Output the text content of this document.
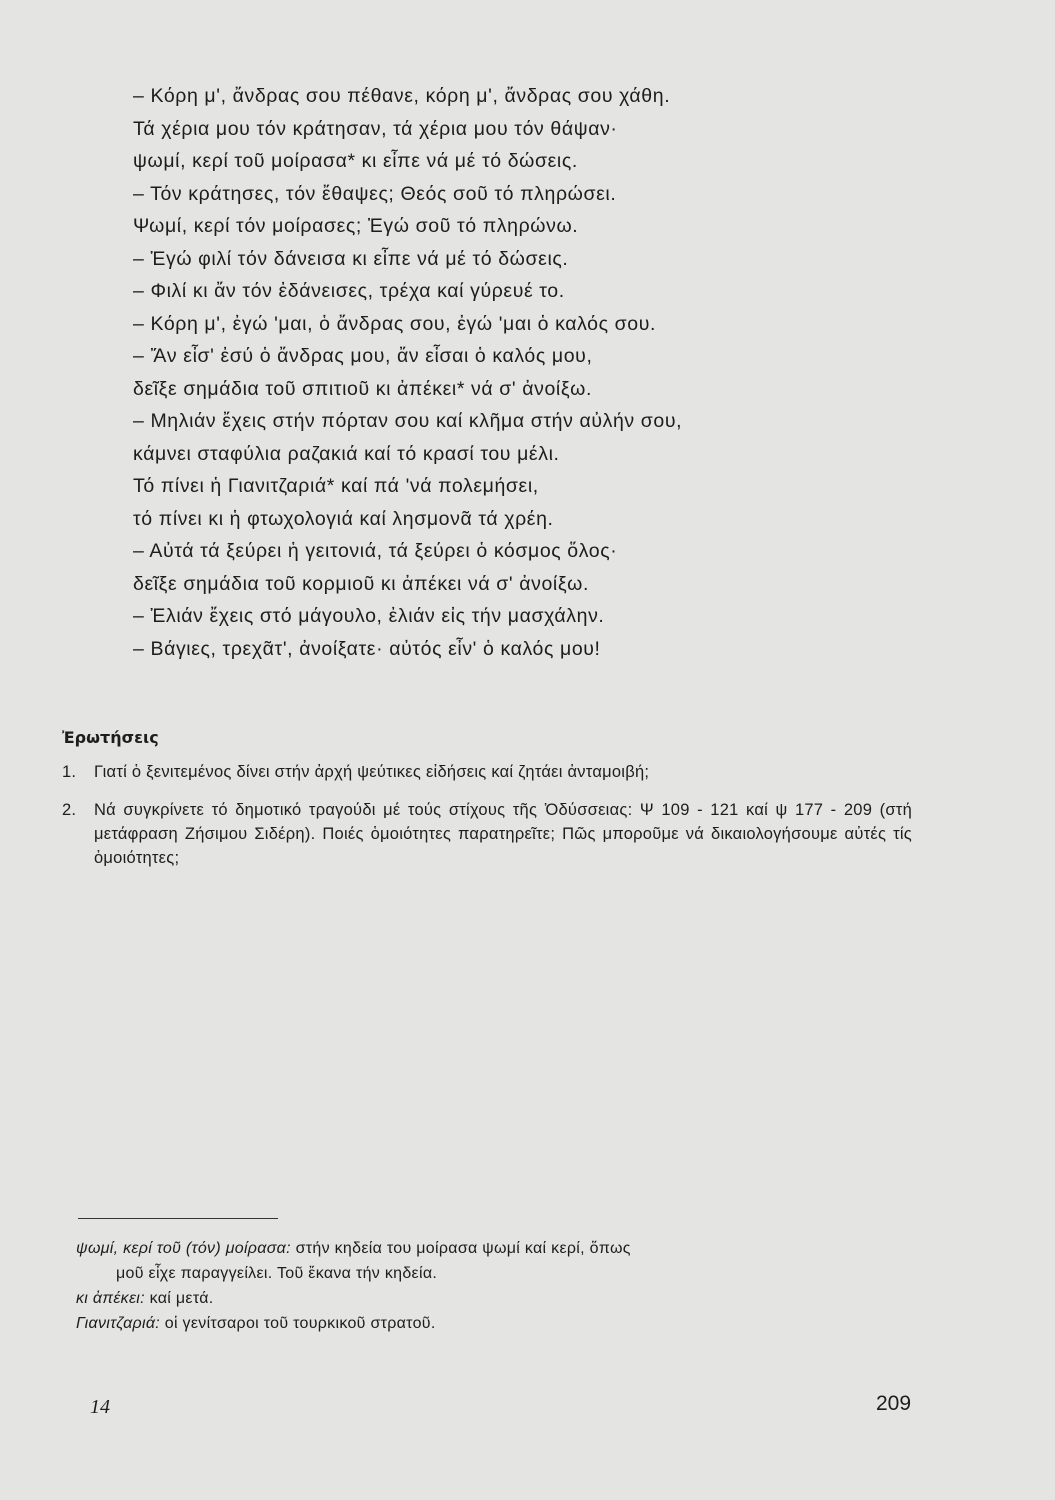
– Κόρη μ', ἄνδρας σου πέθανε, κόρη μ', ἄνδρας σου χάθη.
Τά χέρια μου τόν κράτησαν, τά χέρια μου τόν θάψαν·
ψωμί, κερί τοῦ μοίρασα* κι εἶπε νά μέ τό δώσεις.
– Τόν κράτησες, τόν ἔθαψες; Θεός σοῦ τό πληρώσει.
Ψωμί, κερί τόν μοίρασες; Ἐγώ σοῦ τό πληρώνω.
– Ἐγώ φιλί τόν δάνεισα κι εἶπε νά μέ τό δώσεις.
– Φιλί κι ἄν τόν ἐδάνεισες, τρέχα καί γύρευέ το.
– Κόρη μ', ἐγώ 'μαι, ὁ ἄνδρας σου, ἐγώ 'μαι ὁ καλός σου.
– Ἄν εἶσ' ἐσύ ὁ ἄνδρας μου, ἄν εἶσαι ὁ καλός μου,
δεῖξε σημάδια τοῦ σπιτιοῦ κι ἀπέκει* νά σ' ἀνοίξω.
– Μηλιάν ἔχεις στήν πόρταν σου καί κλῆμα στήν αὐλήν σου,
κάμνει σταφύλια ραζακιά καί τό κρασί του μέλι.
Τό πίνει ἡ Γιανιτζαριά* καί πά 'νά πολεμήσει,
τό πίνει κι ἡ φτωχολογιά καί λησμονᾶ τά χρέη.
– Αὐτά τά ξεύρει ἡ γειτονιά, τά ξεύρει ὁ κόσμος ὅλος·
δεῖξε σημάδια τοῦ κορμιοῦ κι ἀπέκει νά σ' ἀνοίξω.
– Ἐλιάν ἔχεις στό μάγουλο, ἐλιάν εἰς τήν μασχάλην.
– Βάγιες, τρεχᾶτ', ἀνοίξατε· αὐτός εἶν' ὁ καλός μου!
Ἐρωτήσεις
1. Γιατί ὁ ξενιτεμένος δίνει στήν ἀρχή ψεύτικες εἰδήσεις καί ζητάει ἀνταμοιβή;
2. Νά συγκρίνετε τό δημοτικό τραγούδι μέ τούς στίχους τῆς Ὀδύσσειας: Ψ 109 - 121 καί ψ 177 - 209 (στή μετάφραση Ζήσιμου Σιδέρη). Ποιές ὁμοιότητες παρατηρεῖτε; Πῶς μποροῦμε νά δικαιολογήσουμε αὐτές τίς ὁμοιότητες;

ψωμί, κερί τοῦ (τόν) μοίρασα: στήν κηδεία του μοίρασα ψωμί καί κερί, ὅπως
μοῦ εἶχε παραγγείλει. Τοῦ ἔκανα τήν κηδεία.

κι ἀπέκει: καί μετά.

Γιανιτζαριά: οἱ γενίτσαροι τοῦ τουρκικοῦ στρατοῦ.

14	209
